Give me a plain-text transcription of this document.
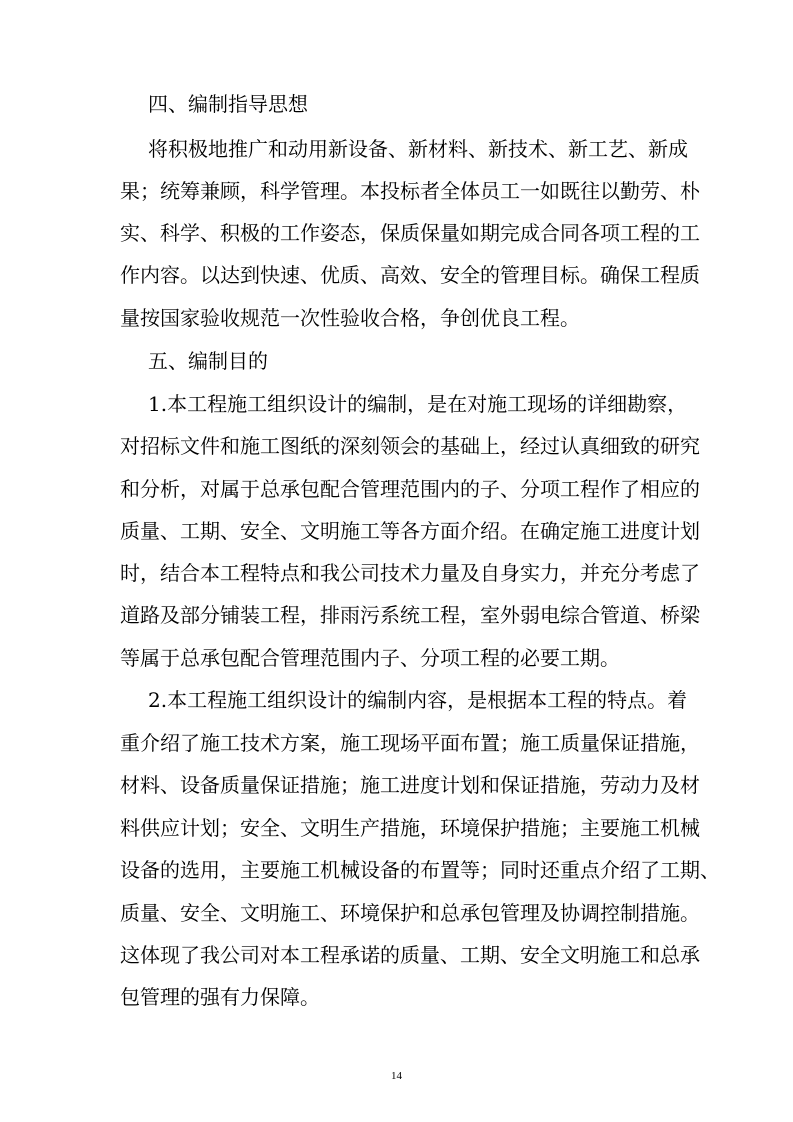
四、编制指导思想
将积极地推广和动用新设备、新材料、新技术、新工艺、新成
果；统筹兼顾，科学管理。本投标者全体员工一如既往以勤劳、朴
实、科学、积极的工作姿态，保质保量如期完成合同各项工程的工
作内容。以达到快速、优质、高效、安全的管理目标。确保工程质
量按国家验收规范一次性验收合格，争创优良工程。
五、编制目的
1.本工程施工组织设计的编制，是在对施工现场的详细勘察，
对招标文件和施工图纸的深刻领会的基础上，经过认真细致的研究
和分析，对属于总承包配合管理范围内的子、分项工程作了相应的
质量、工期、安全、文明施工等各方面介绍。在确定施工进度计划
时，结合本工程特点和我公司技术力量及自身实力，并充分考虑了
道路及部分铺装工程，排雨污系统工程，室外弱电综合管道、桥梁
等属于总承包配合管理范围内子、分项工程的必要工期。
2.本工程施工组织设计的编制内容，是根据本工程的特点。着
重介绍了施工技术方案，施工现场平面布置；施工质量保证措施，
材料、设备质量保证措施；施工进度计划和保证措施，劳动力及材
料供应计划；安全、文明生产措施，环境保护措施；主要施工机械
设备的选用，主要施工机械设备的布置等；同时还重点介绍了工期、
质量、安全、文明施工、环境保护和总承包管理及协调控制措施。
这体现了我公司对本工程承诺的质量、工期、安全文明施工和总承
包管理的强有力保障。
14
